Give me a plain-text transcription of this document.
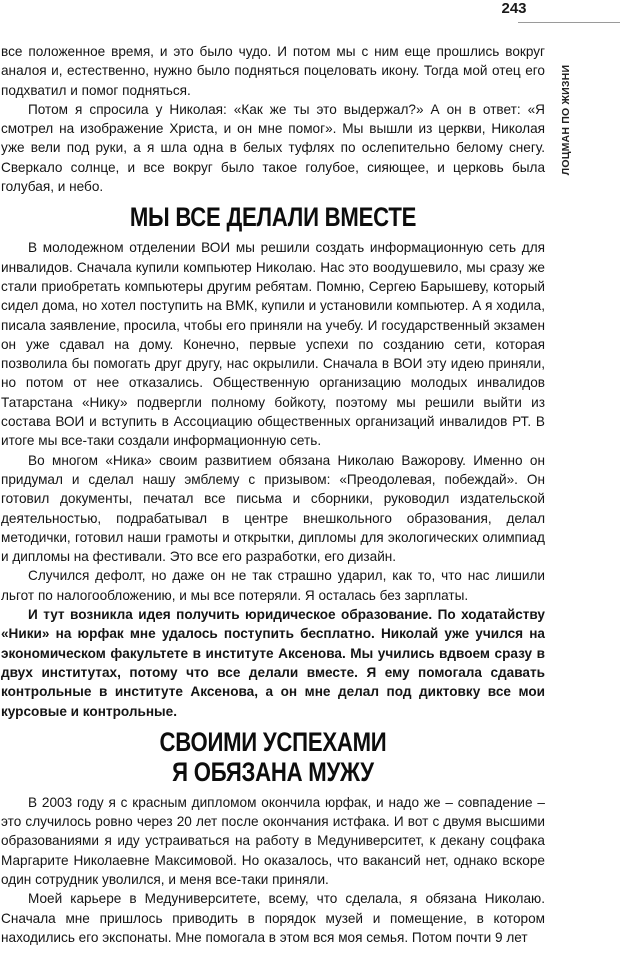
243
ЛОЦМАН ПО ЖИЗНИ

все положенное время, и это было чудо. И потом мы с ним еще прошлись вокруг аналоя и, естественно, нужно было подняться поцеловать икону. Тогда мой отец его подхватил и помог подняться.

Потом я спросила у Николая: «Как же ты это выдержал?» А он в ответ: «Я смотрел на изображение Христа, и он мне помог». Мы вышли из церкви, Николая уже вели под руки, а я шла одна в белых туфлях по ослепительно белому снегу. Сверкало солнце, и все вокруг было такое голубое, сияющее, и церковь была голубая, и небо.

МЫ ВСЕ ДЕЛАЛИ ВМЕСТЕ

В молодежном отделении ВОИ мы решили создать информационную сеть для инвалидов. Сначала купили компьютер Николаю. Нас это воодушевило, мы сразу же стали приобретать компьютеры другим ребятам. Помню, Сергею Барышеву, который сидел дома, но хотел поступить на ВМК, купили и установили компьютер. А я ходила, писала заявление, просила, чтобы его приняли на учебу. И государственный экзамен он уже сдавал на дому. Конечно, первые успехи по созданию сети, которая позволила бы помогать друг другу, нас окрылили. Сначала в ВОИ эту идею приняли, но потом от нее отказались. Общественную организацию молодых инвалидов Татарстана «Нику» подвергли полному бойкоту, поэтому мы решили выйти из состава ВОИ и вступить в Ассоциацию общественных организаций инвалидов РТ. В итоге мы все-таки создали информационную сеть.

Во многом «Ника» своим развитием обязана Николаю Важорову. Именно он придумал и сделал нашу эмблему с призывом: «Преодолевая, побеждай». Он готовил документы, печатал все письма и сборники, руководил издательской деятельностью, подрабатывал в центре внешкольного образования, делал методички, готовил наши грамоты и открытки, дипломы для экологических олимпиад и дипломы на фестивали. Это все его разработки, его дизайн.

Случился дефолт, но даже он не так страшно ударил, как то, что нас лишили льгот по налогообложению, и мы все потеряли. Я осталась без зарплаты.

И тут возникла идея получить юридическое образование. По ходатайству «Ники» на юрфак мне удалось поступить бесплатно. Николай уже учился на экономическом факультете в институте Аксенова. Мы учились вдвоем сразу в двух институтах, потому что все делали вместе. Я ему помогала сдавать контрольные в институте Аксенова, а он мне делал под диктовку все мои курсовые и контрольные.

СВОИМИ УСПЕХАМИ
Я ОБЯЗАНА МУЖУ

В 2003 году я с красным дипломом окончила юрфак, и надо же – совпадение – это случилось ровно через 20 лет после окончания истфака. И вот с двумя высшими образованиями я иду устраиваться на работу в Медуниверситет, к декану соцфака Маргарите Николаевне Максимовой. Но оказалось, что вакансий нет, однако вскоре один сотрудник уволился, и меня все-таки приняли.

Моей карьере в Медуниверситете, всему, что сделала, я обязана Николаю. Сначала мне пришлось приводить в порядок музей и помещение, в котором находились его экспонаты. Мне помогала в этом вся моя семья. Потом почти 9 лет
